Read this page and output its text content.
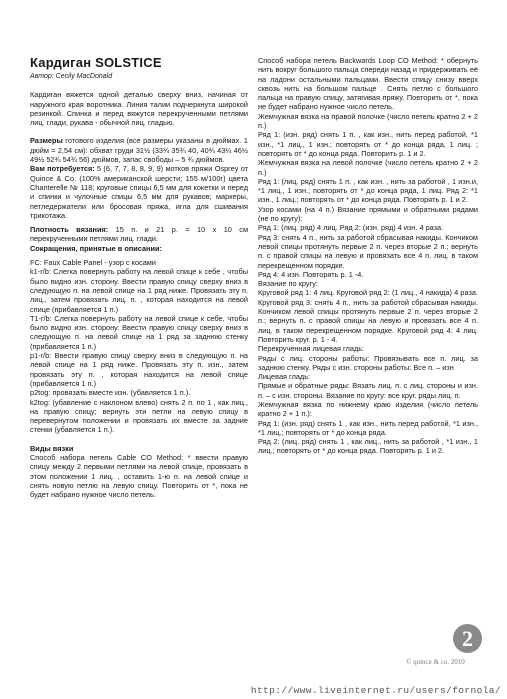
Кардиган SOLSTICE
Автор: Cecily MacDonald
Кардиган вяжется одной деталью сверху вниз, начиная от наружного края воротника. Линия талии подчеркнута широкой резинкой. Спинка и перед вяжутся перекрученными петлями лиц. глади, рукава - обычной лиц. гладью.
Размеры готового изделия (все размеры указаны в дюймах. 1 дюйм = 2,54 см): обхват груди 31½ (33¾ 35¾ 40, 40¾ 43¼ 46½ 49½ 52¾ 54¾ 56) дюймов, запас свободы – 5 ¾ дюймов.
Вам потребуется: 5 (6, 7, 7, 8, 8, 9, 9) мотков пряжи Osprey от Quince & Co. (100% американской шерсти; 155 м/100г) цвета Chanterelle № 118; круговые спицы 6,5 мм для кокетки и перед и спинки и чулочные спицы 6,5 мм для рукавов; маркеры, петледержатели или бросовая пряжа, игла для сшивания трикотажа.
Плотность вязания: 15 п. и 21 р. = 10 x 10 см перекрученными петлями лиц. глади.
Сокращения, принятые в описании:
FC: Faux Cable Panel - узор с косами
k1-r/b: Слегка повернуть работу на левой спице к себе , чтобы было видно изн. сторону. Ввести правую спицу сверху вниз в следующую п. на левой спице на 1 ряд ниже. Провязать эту п. лиц., затем провязать лиц. п. , которая находится на левой спице (прибавляется 1 п.)
T1-r/b: Слегка повернуть работу на левой спице к себе, чтобы было видно изн. сторону. Ввести правую спицу сверху вниз в следующую п. на левой спице на 1 ряд за заднюю стенку (прибавляется 1 п.)
p1-r/b: Ввести правую спицу сверху вниз в следующую п. на левой спице на 1 ряд ниже. Провязать эту п. изн., затем провязать эту п. , которая находится на левой спице (прибавляется 1 п.)
p2tog: провязать вместе изн. (убавляется 1 п.).
k2tog: (убавление с наклоном влево) снять 2 п. по 1 , как лиц., на правую спицу; вернуть эти петли на левую спицу в перевернутом положении и провязать их вместе за задние стенки (убавляется 1 п.).
Виды вязки
Способ набора петель Cable CO Method: * ввести правую спицу между 2 первыми петлями на левой спице, провязать в этом положении 1 лиц. , оставить 1-ю п. на левой спице и снять новую петлю на левую спицу. Повторить от *, пока не будет набрано нужное число петель.
Способ набора петель Backwards Loop CO Method: * обернуть нить вокруг большого пальца спереди назад и придерживать её на ладони остальными пальцами. Ввести спицу снизу вверх сквозь нить на большом пальце . Снять петлю с большого пальца на правую спицу, затягивая пряжу. Повторить от *, пока не будет набрано нужное число петель.
Жемчужная вязка на правой полочке (число петель кратно 2 + 2 п.)
Ряд 1: (изн. ряд) снять 1 п. , как изн., нить перед работой, *1 изн., *1 лиц., 1 изн.; повторять от * до конца ряда, 1 лиц. ; повторять от * до конца ряда. Повторить р. 1 и 2.
Жемчужная вязка на левой полочке (число петель кратно 2 + 2 п.)
Ряд 1: (лиц. ряд) снять 1 п. , как изн. , нить за работой , 1 изн.и, *1 лиц., 1 изн.; повторять от * до конца ряда, 1 лиц. Ряд 2: *1 изн., 1 лиц.; повторять от * до конца ряда. Повторять р. 1 и 2.
Узор косами (на 4 п.) Вязание прямыми и обратными рядами (не по кругу):
Ряд 1: (лиц. ряд) 4 лиц. Ряд 2: (изн. ряд) 4 изн. 4 раза.
Ряд 3: снять 4 п., нить за работой сбрасывая накиды. Кончиком левой спицы протянуть первые 2 п. через вторые 2 п.; вернуть п. с правой спицы на левую и провязать все 4 п. лиц. в таком перекрещенном порядке.
Ряд 4: 4 изн. Повторять р. 1 -4.
Вязание по кругу:
Круговой ряд 1: 4 лиц. Круговой ряд 2: (1 лиц., 4 накида) 4 раза. Круговой ряд 3: снять 4 п., нить за работой сбрасывая накиды. Кончиком левой спицы протянуть первые 2 п. через вторые 2 п.; вернуть п. с правой спицы на левую и провязать все 4 п. лиц. в таком перекрещенном порядке. Круговой ряд 4: 4 лиц. Повторить круг. р. 1 - 4.
Перекрученная лицевая гладь:
Ряды с лиц. стороны работы: Провязывать все п. лиц. за заднюю стенку. Ряды с изн. стороны работы: Все п. – изн
Лицевая гладь:
Прямые и обратные ряды: Вязать лиц. п. с лиц. стороны и изн. п. – с изн. стороны. Вязание по кругу: все круг. ряды лиц. п.
Жемчужная вязка по нижнему краю изделия (число петель кратно 2 + 1 п.):
Ряд 1: (изн. ряд) снять 1 , как изн., нить перед работой, *1 изн., *1 лиц.; повторять от * до конца ряда.
Ряд 2: (лиц. ряд) снять 1 , как лиц., нить за работой , *1 изн., 1 лиц.; повторять от * до конца ряда. Повторять р. 1 и 2.
2
© quince & co. 2010
http://www.liveinternet.ru/users/fornola/
